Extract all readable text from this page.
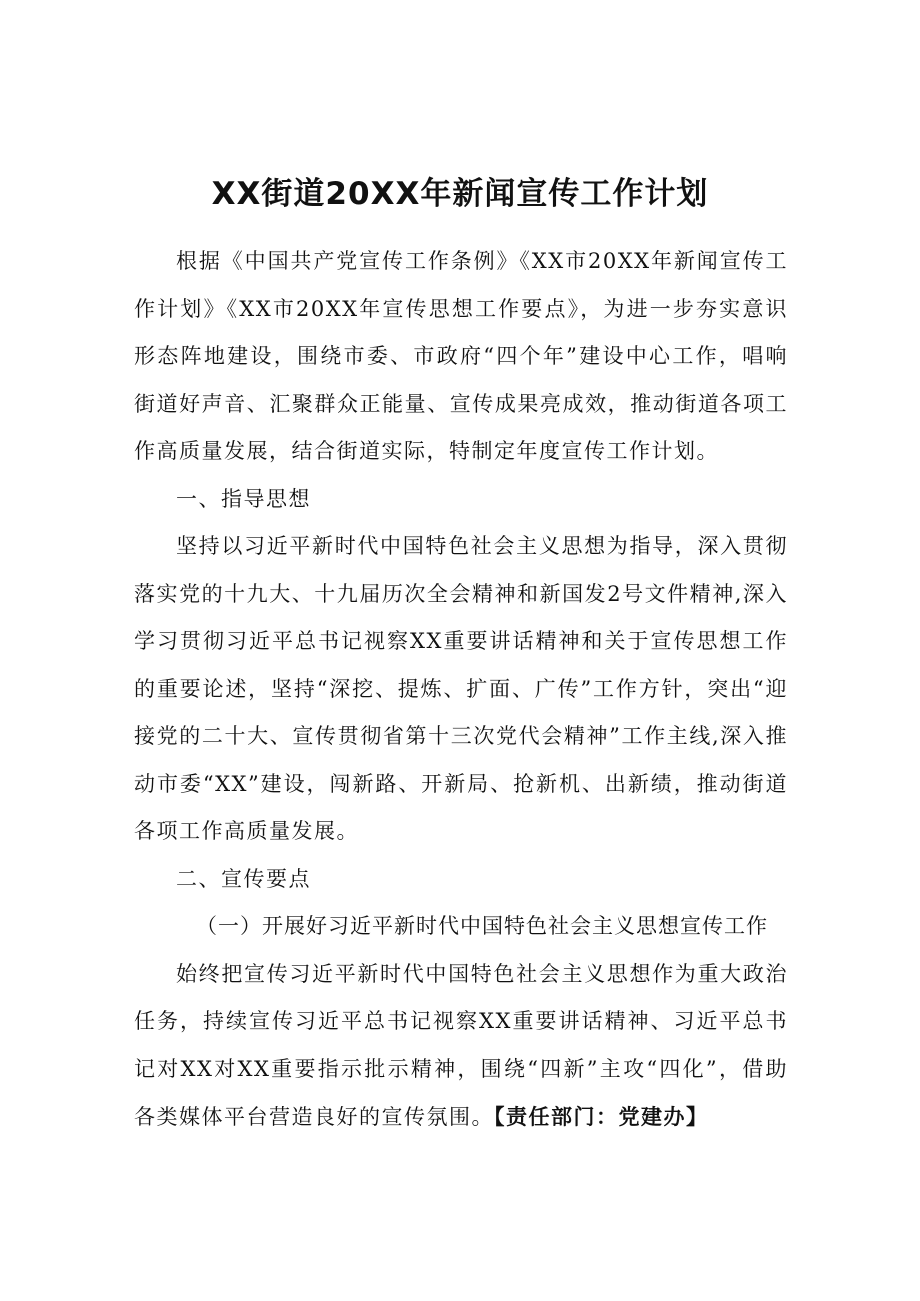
XX街道20XX年新闻宣传工作计划

根据《中国共产党宣传工作条例》《XX市20XX年新闻宣传工作计划》《XX市20XX年宣传思想工作要点》，为进一步夯实意识形态阵地建设，围绕市委、市政府“四个年”建设中心工作，唱响街道好声音、汇聚群众正能量、宣传成果亮成效，推动街道各项工作高质量发展，结合街道实际，特制定年度宣传工作计划。

一、指导思想

坚持以习近平新时代中国特色社会主义思想为指导，深入贯彻落实党的十九大、十九届历次全会精神和新国发2号文件精神,深入学习贯彻习近平总书记视察XX重要讲话精神和关于宣传思想工作的重要论述，坚持“深挖、提炼、扩面、广传”工作方针，突出“迎接党的二十大、宣传贯彻省第十三次党代会精神”工作主线,深入推动市委“XX”建设，闯新路、开新局、抢新机、出新绩，推动街道各项工作高质量发展。

二、宣传要点

（一）开展好习近平新时代中国特色社会主义思想宣传工作

始终把宣传习近平新时代中国特色社会主义思想作为重大政治任务，持续宣传习近平总书记视察XX重要讲话精神、习近平总书记对XX对XX重要指示批示精神，围绕“四新”主攻“四化”，借助各类媒体平台营造良好的宣传氛围。【责任部门：党建办】
